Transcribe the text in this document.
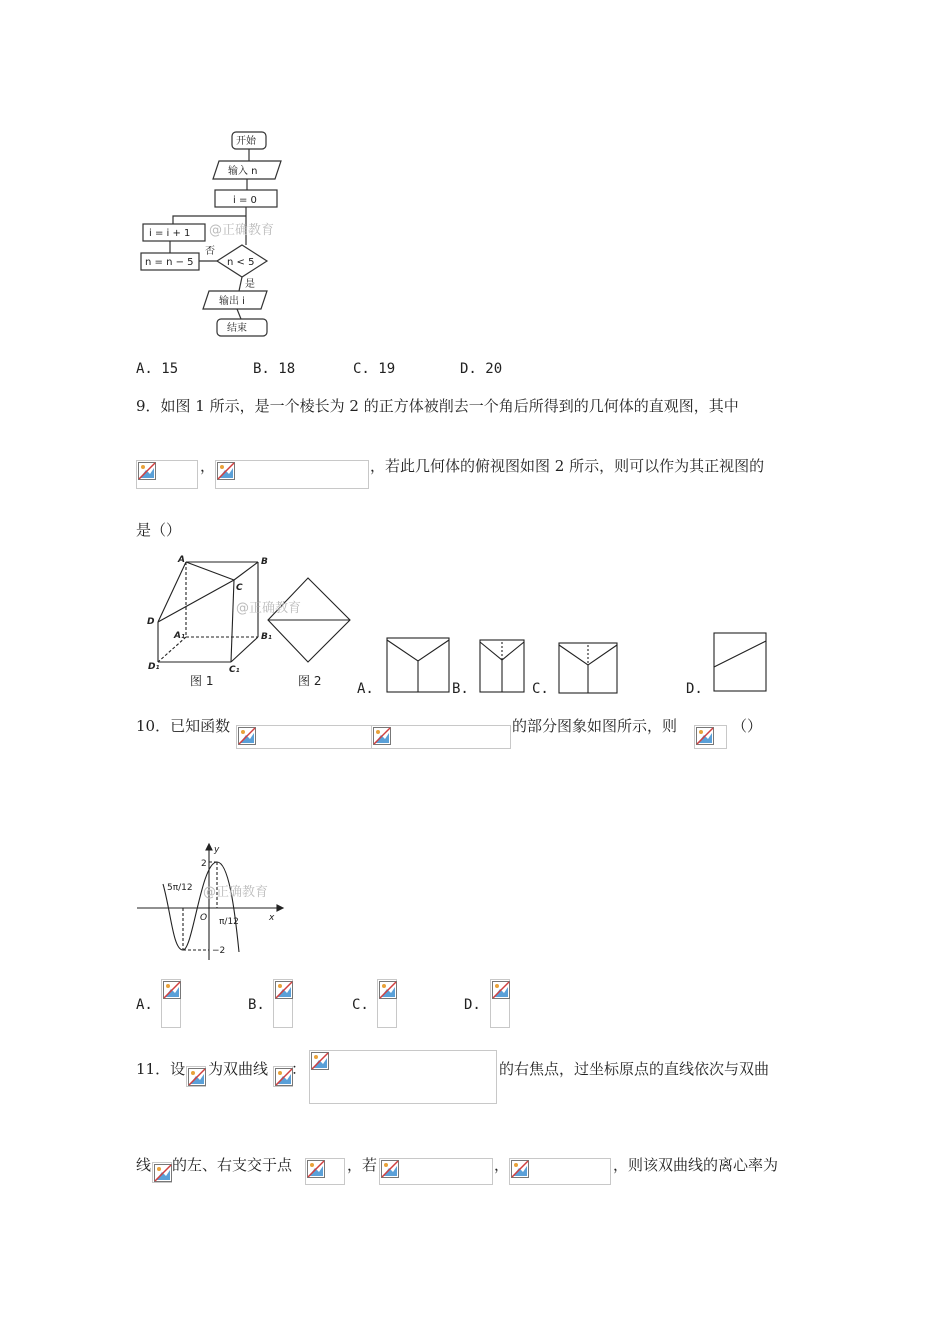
开始
输入 n
i = 0
i = i + 1
n < 5
n = n − 5
否
是
输出 i
结束
@正确教育
A. 15	B. 18	C. 19	D. 20
9．如图 1 所示，是一个棱长为 2 的正方体被削去一个角后所得到的几何体的直观图，其中
，	，若此几何体的俯视图如图 2 所示，则可以作为其正视图的
是（）
A	B
C
D
A₁	B₁
C₁
D₁
图 1	图 2
@正确教育
A.	B.	C.	D.
10．已知函数	的部分图象如图所示，则	（）
y
x
O
2
−2
5π/12
π/12
@正确教育
A.	B.	C.	D.
11．设 为双曲线 ：	的右焦点，过坐标原点的直线依次与双曲
线 的左、右支交于点	，若	，	，则该双曲线的离心率为
